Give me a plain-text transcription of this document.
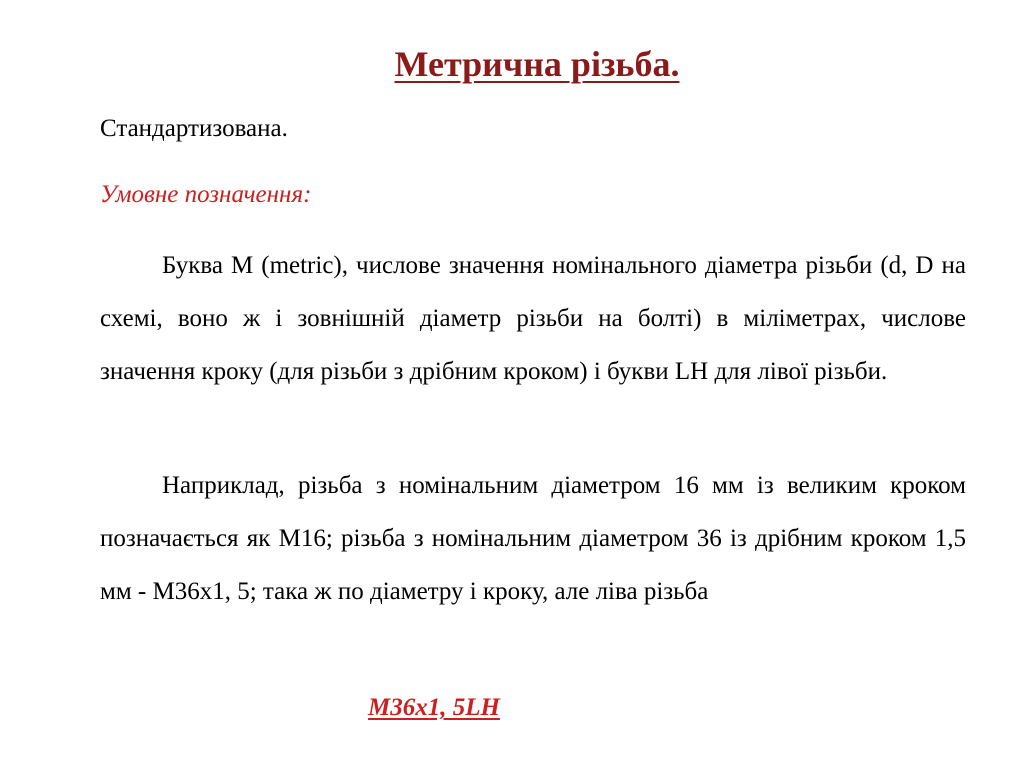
Метрична різьба.
Стандартизована.
Умовне позначення:
Буква М (metric), числове значення номінального діаметра різьби (d, D на схемі, воно ж і зовнішній діаметр різьби на болті) в міліметрах, числове значення кроку (для різьби з дрібним кроком) і букви LH для лівої різьби.
Наприклад, різьба з номінальним діаметром 16 мм із великим кроком позначається як М16; різьба з номінальним діаметром 36 із дрібним кроком 1,5 мм - М36х1, 5; така ж по діаметру і кроку, але ліва різьба
М36х1, 5LH
